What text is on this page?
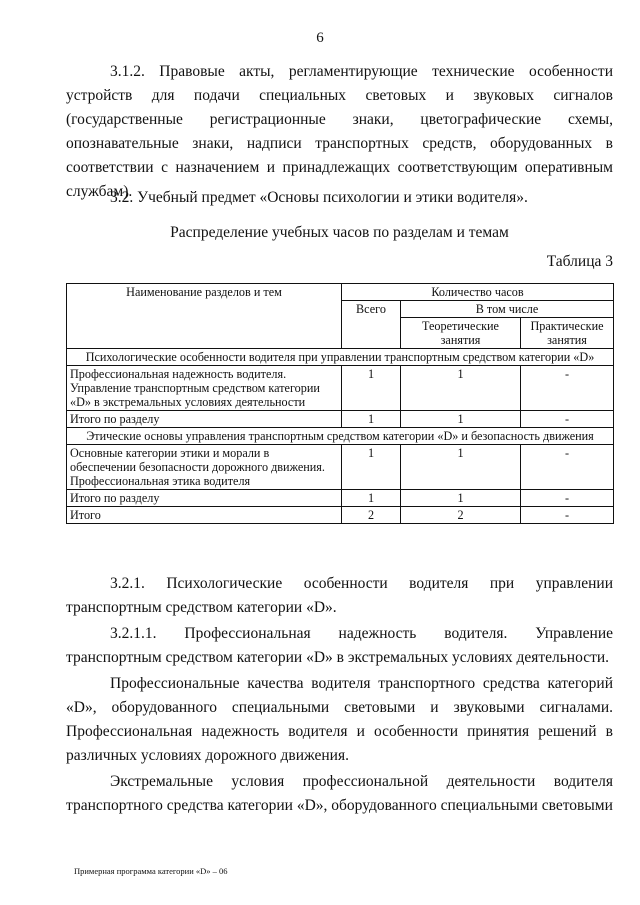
6
3.1.2. Правовые акты, регламентирующие технические особенности устройств для подачи специальных световых и звуковых сигналов (государственные регистрационные знаки, цветографические схемы, опознавательные знаки, надписи транспортных средств, оборудованных в соответствии с назначением и принадлежащих соответствующим оперативным службам).
3.2. Учебный предмет «Основы психологии и этики водителя».
Распределение учебных часов по разделам и темам
Таблица 3
Наименование разделов и тем	Количество часов		
	Всего	В том числе	
		Теоретические занятия	Практические занятия
Психологические особенности водителя при управлении транспортным средством категории «D»			
Профессиональная надежность водителя. Управление транспортным средством категории «D» в экстремальных условиях деятельности	1	1	-
Итого по разделу	1	1	-
Этические основы управления транспортным средством категории «D» и безопасность движения			
Основные категории этики и морали в обеспечении безопасности дорожного движения. Профессиональная этика водителя	1	1	-
Итого по разделу	1	1	-
Итого	2	2	-
3.2.1. Психологические особенности водителя при управлении транспортным средством категории «D».
3.2.1.1. Профессиональная надежность водителя. Управление транспортным средством категории «D» в экстремальных условиях деятельности.
Профессиональные качества водителя транспортного средства категорий «D», оборудованного специальными световыми и звуковыми сигналами. Профессиональная надежность водителя и особенности принятия решений в различных условиях дорожного движения.
Экстремальные условия профессиональной деятельности водителя транспортного средства категории «D», оборудованного специальными световыми
Примерная программа категории «D» – 06
